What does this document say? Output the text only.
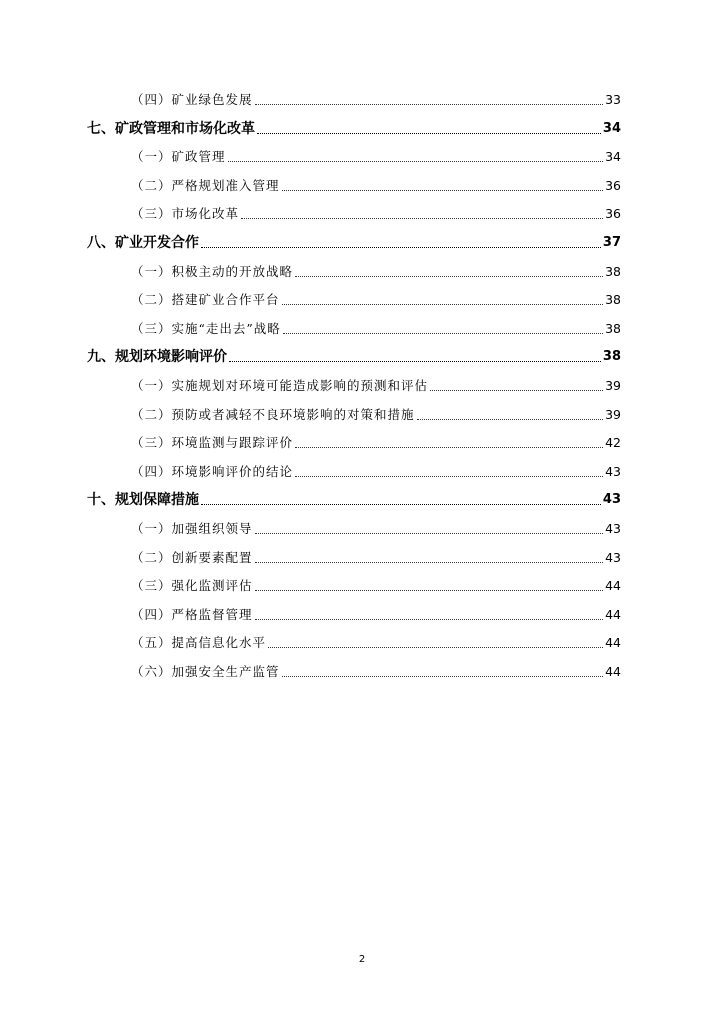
（四）矿业绿色发展	33
七、矿政管理和市场化改革	34
（一）矿政管理	34
（二）严格规划准入管理	36
（三）市场化改革	36
八、矿业开发合作	37
（一）积极主动的开放战略	38
（二）搭建矿业合作平台	38
（三）实施“走出去”战略	38
九、规划环境影响评价	38
（一）实施规划对环境可能造成影响的预测和评估	39
（二）预防或者减轻不良环境影响的对策和措施	39
（三）环境监测与跟踪评价	42
（四）环境影响评价的结论	43
十、规划保障措施	43
（一）加强组织领导	43
（二）创新要素配置	43
（三）强化监测评估	44
（四）严格监督管理	44
（五）提高信息化水平	44
（六）加强安全生产监管	44
2
